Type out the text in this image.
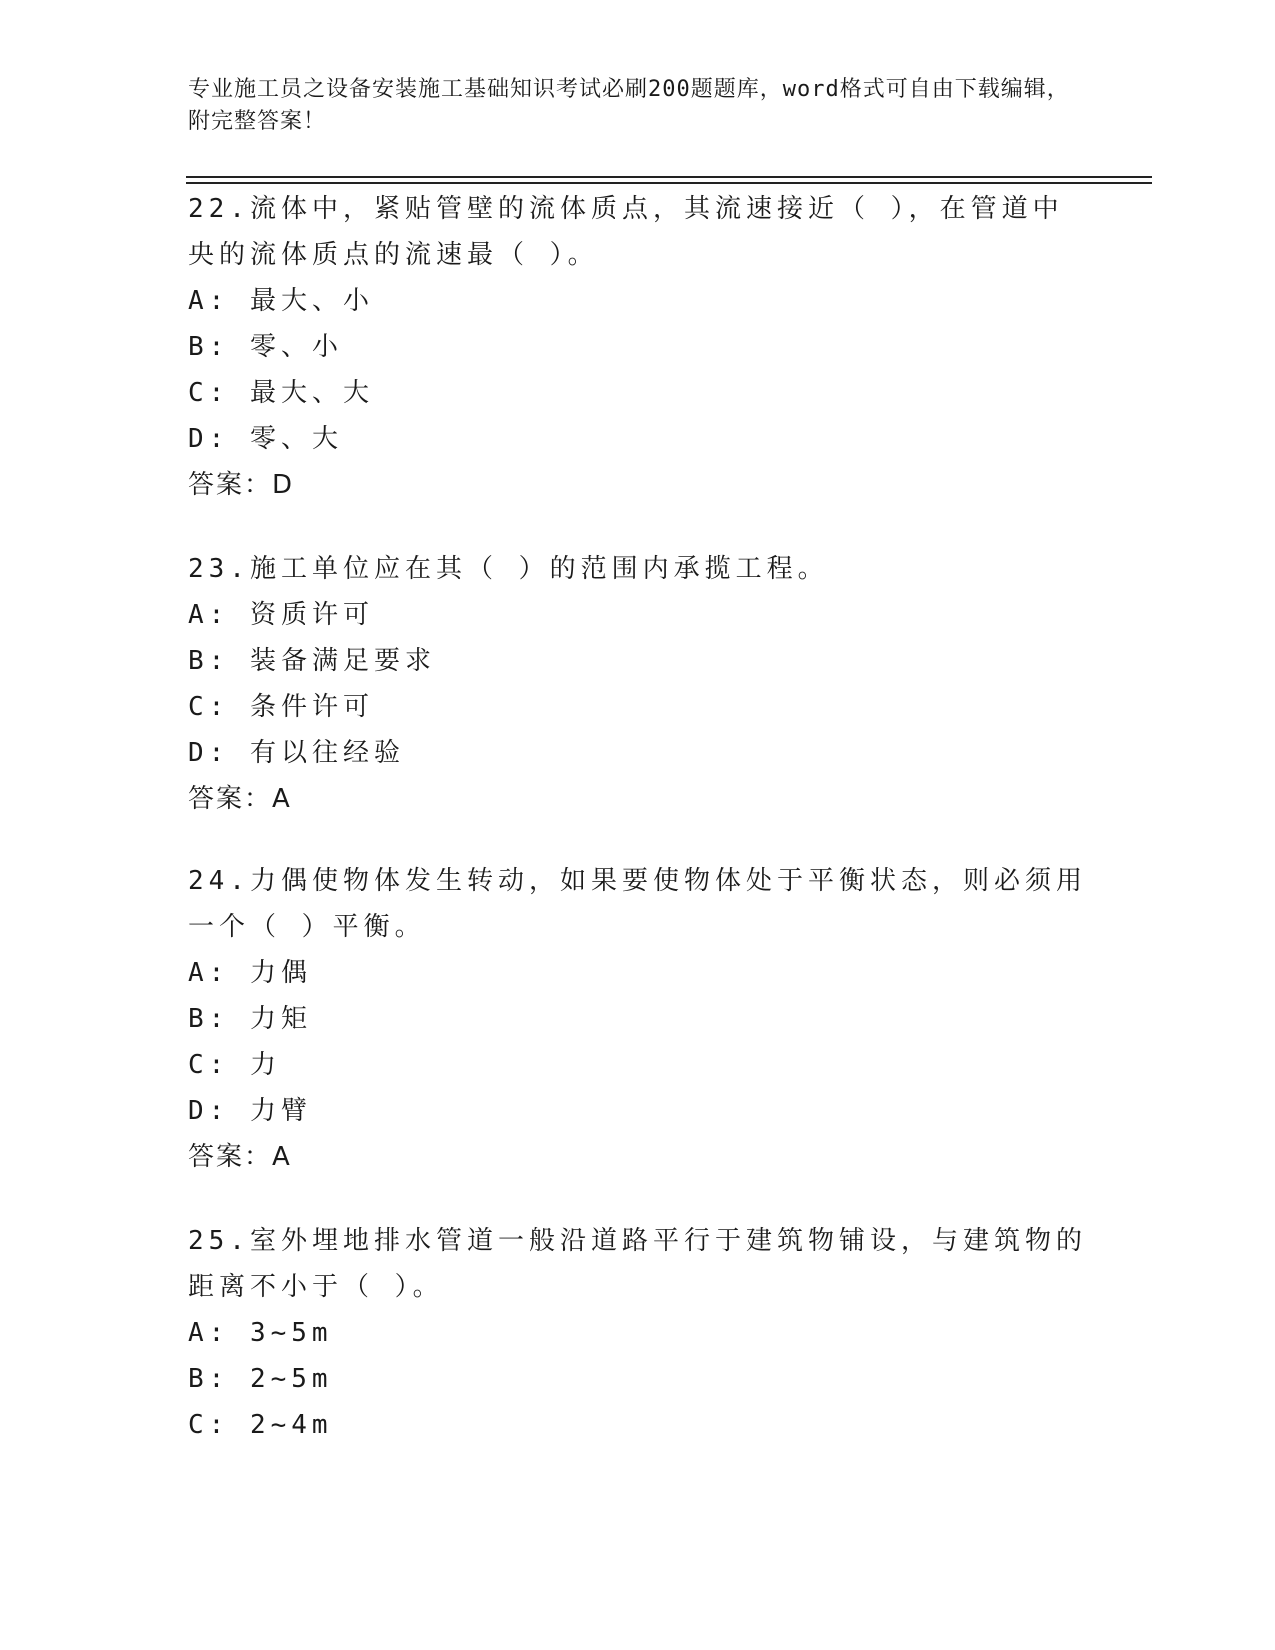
专业施工员之设备安装施工基础知识考试必刷200题题库，word格式可自由下载编辑，附完整答案！

22.流体中，紧贴管壁的流体质点，其流速接近（ ），在管道中央的流体质点的流速最（ ）。

A: 最大、小

B: 零、小

C: 最大、大

D: 零、大

答案：D

23.施工单位应在其（ ）的范围内承揽工程。

A: 资质许可

B: 装备满足要求

C: 条件许可

D: 有以往经验

答案：A

24.力偶使物体发生转动，如果要使物体处于平衡状态，则必须用一个（ ）平衡。

A: 力偶

B: 力矩

C: 力

D: 力臂

答案：A

25.室外埋地排水管道一般沿道路平行于建筑物铺设，与建筑物的距离不小于（ ）。

A: 3~5m

B: 2~5m

C: 2~4m
